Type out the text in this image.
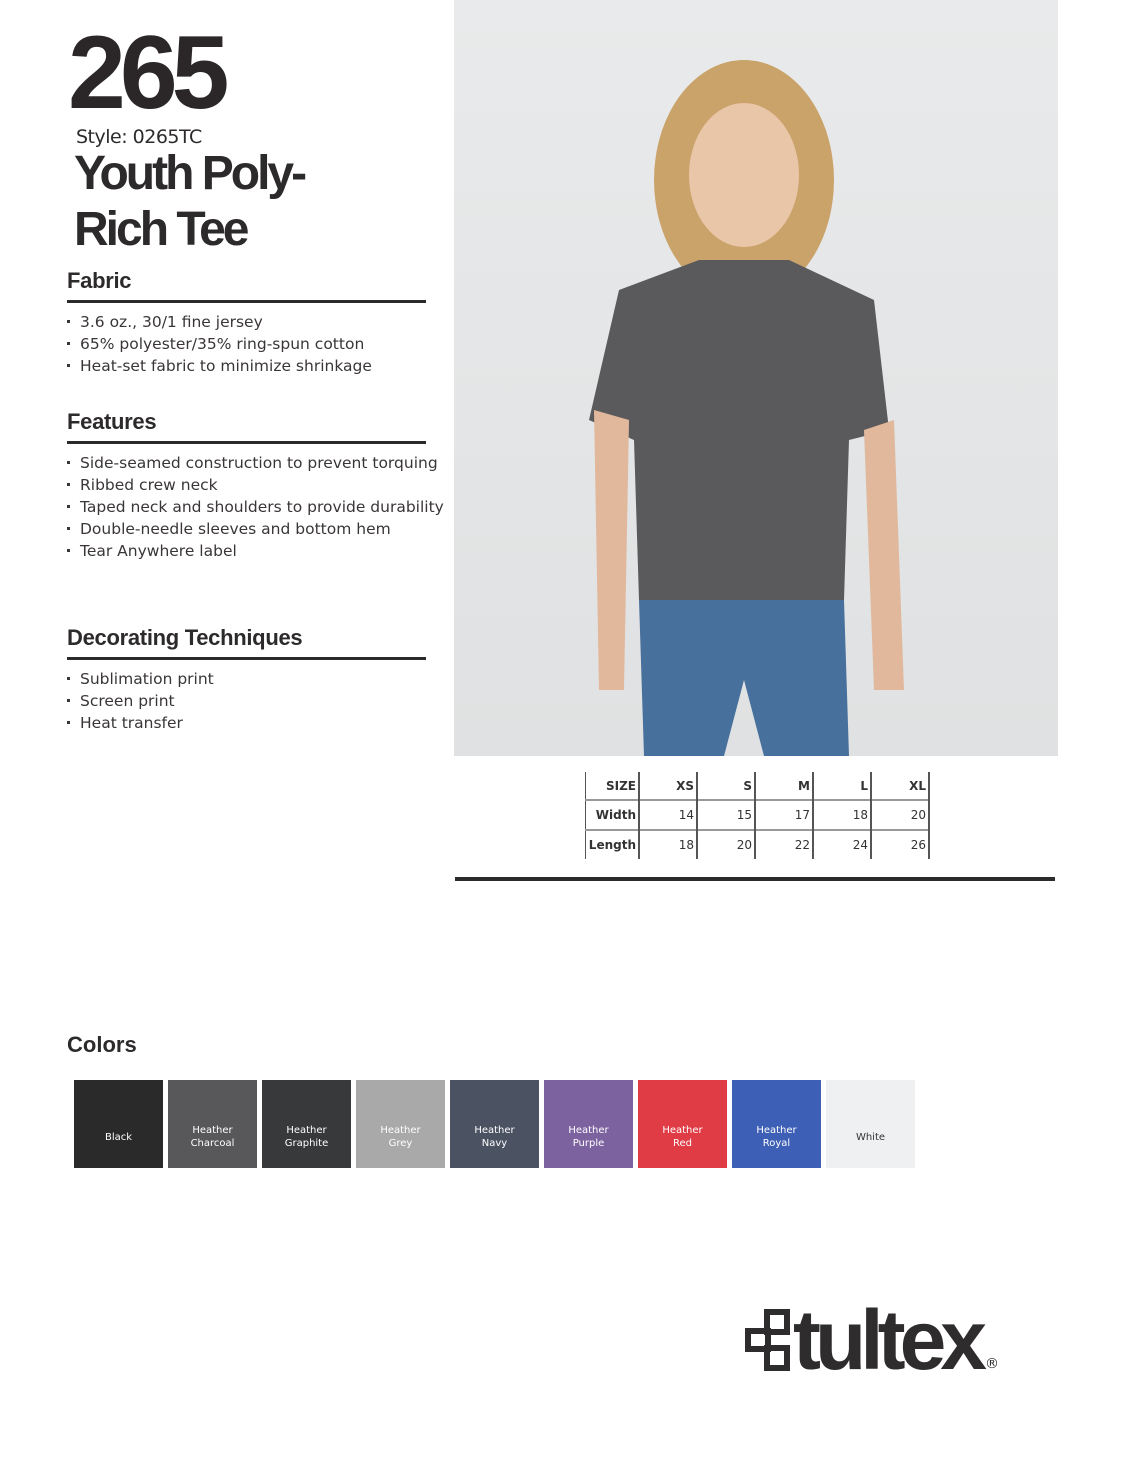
265
Style: 0265TC
Youth Poly-Rich Tee
Fabric
3.6 oz., 30/1 fine jersey
65% polyester/35% ring-spun cotton
Heat-set fabric to minimize shrinkage
Features
Side-seamed construction to prevent torquing
Ribbed crew neck
Taped neck and shoulders to provide durability
Double-needle sleeves and bottom hem
Tear Anywhere label
Decorating Techniques
Sublimation print
Screen print
Heat transfer
SIZE	XS	S	M	L	XL
Width	14	15	17	18	20
Length	18	20	22	24	26
Colors
Black
Heather Charcoal
Heather Graphite
Heather Grey
Heather Navy
Heather Purple
Heather Red
Heather Royal
White
tultex ®
